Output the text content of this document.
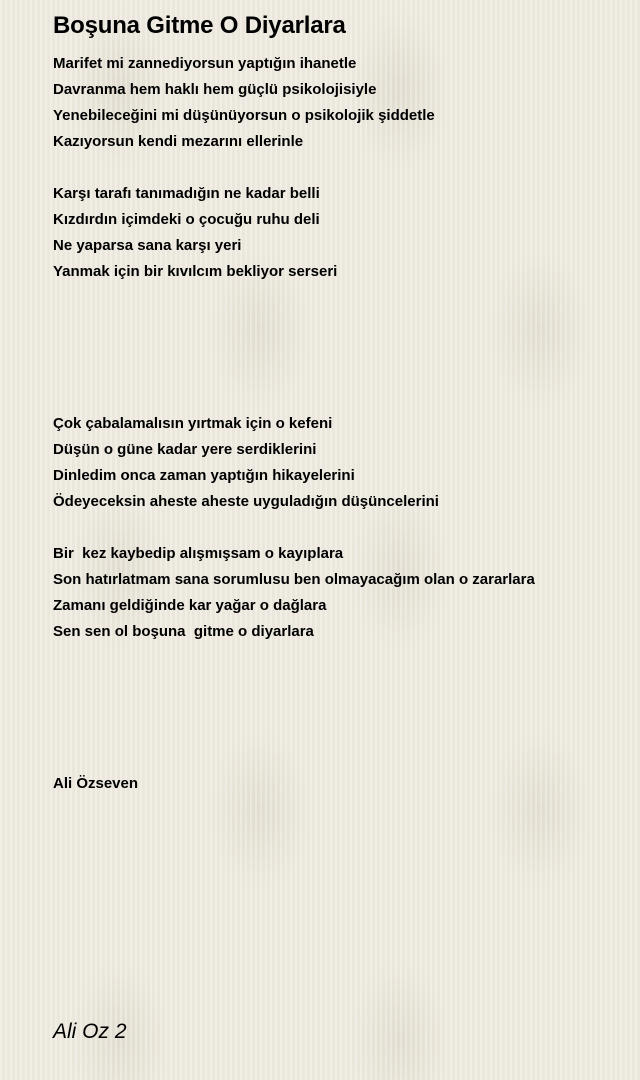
Boşuna Gitme O Diyarlara
Marifet mi zannediyorsun yaptığın ihanetle
Davranma hem haklı hem güçlü psikolojisiyle
Yenebileceğini mi düşünüyorsun o psikolojik şiddetle
Kazıyorsun kendi mezarını ellerinle
Karşı tarafı tanımadığın ne kadar belli
Kızdırdın içimdeki o çocuğu ruhu deli
Ne yaparsa sana karşı yeri
Yanmak için bir kıvılcım bekliyor serseri
Çok çabalamalısın yırtmak için o kefeni
Düşün o güne kadar yere serdiklerini
Dinledim onca zaman yaptığın hikayelerini
Ödeyeceksin aheste aheste uyguladığın düşüncelerini
Bir  kez kaybedip alışmışsam o kayıplara
Son hatırlatmam sana sorumlusu ben olmayacağım olan o zararlara
Zamanı geldiğinde kar yağar o dağlara
Sen sen ol boşuna  gitme o diyarlara
Ali Özseven
Ali Oz 2
